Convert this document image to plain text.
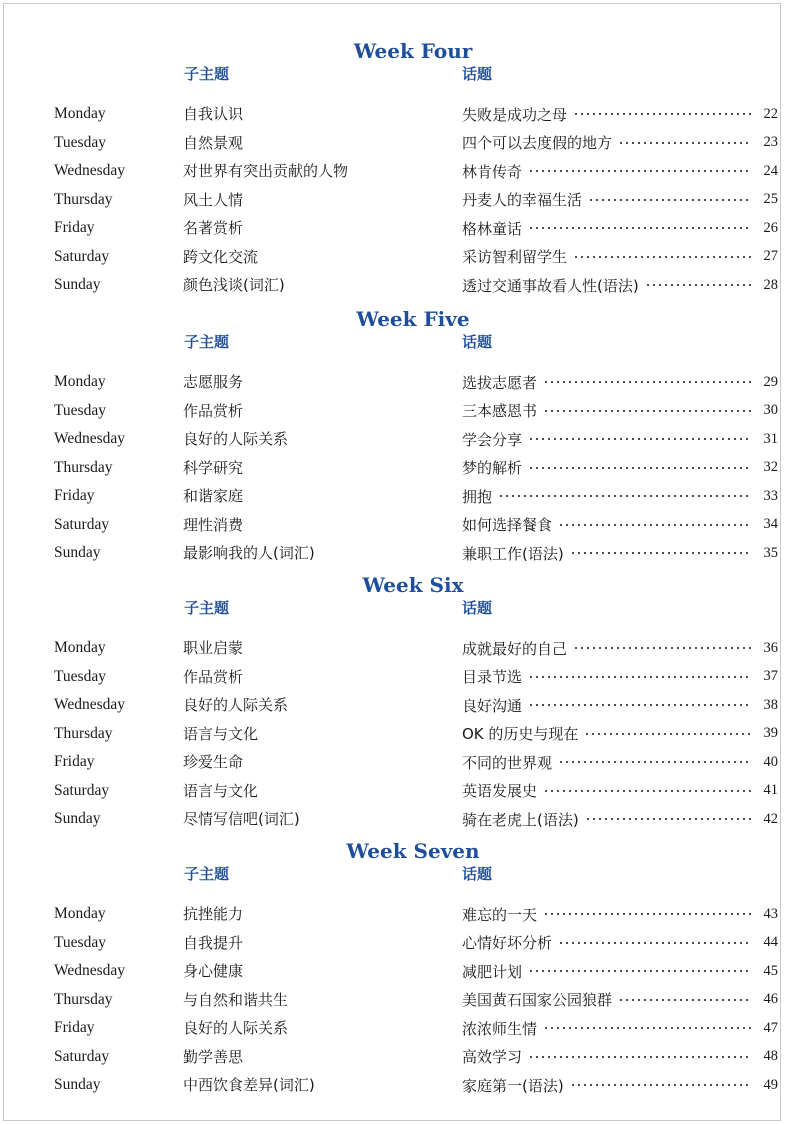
Week Four
子主题	话题
Monday	自我认识	失败是成功之母	22
Tuesday	自然景观	四个可以去度假的地方	23
Wednesday	对世界有突出贡献的人物	林肯传奇	24
Thursday	风土人情	丹麦人的幸福生活	25
Friday	名著赏析	格林童话	26
Saturday	跨文化交流	采访智利留学生	27
Sunday	颜色浅谈(词汇)	透过交通事故看人性(语法)	28
Week Five
子主题	话题
Monday	志愿服务	选拔志愿者	29
Tuesday	作品赏析	三本感恩书	30
Wednesday	良好的人际关系	学会分享	31
Thursday	科学研究	梦的解析	32
Friday	和谐家庭	拥抱	33
Saturday	理性消费	如何选择餐食	34
Sunday	最影响我的人(词汇)	兼职工作(语法)	35
Week Six
子主题	话题
Monday	职业启蒙	成就最好的自己	36
Tuesday	作品赏析	目录节选	37
Wednesday	良好的人际关系	良好沟通	38
Thursday	语言与文化	OK 的历史与现在	39
Friday	珍爱生命	不同的世界观	40
Saturday	语言与文化	英语发展史	41
Sunday	尽情写信吧(词汇)	骑在老虎上(语法)	42
Week Seven
子主题	话题
Monday	抗挫能力	难忘的一天	43
Tuesday	自我提升	心情好坏分析	44
Wednesday	身心健康	减肥计划	45
Thursday	与自然和谐共生	美国黄石国家公园狼群	46
Friday	良好的人际关系	浓浓师生情	47
Saturday	勤学善思	高效学习	48
Sunday	中西饮食差异(词汇)	家庭第一(语法)	49
